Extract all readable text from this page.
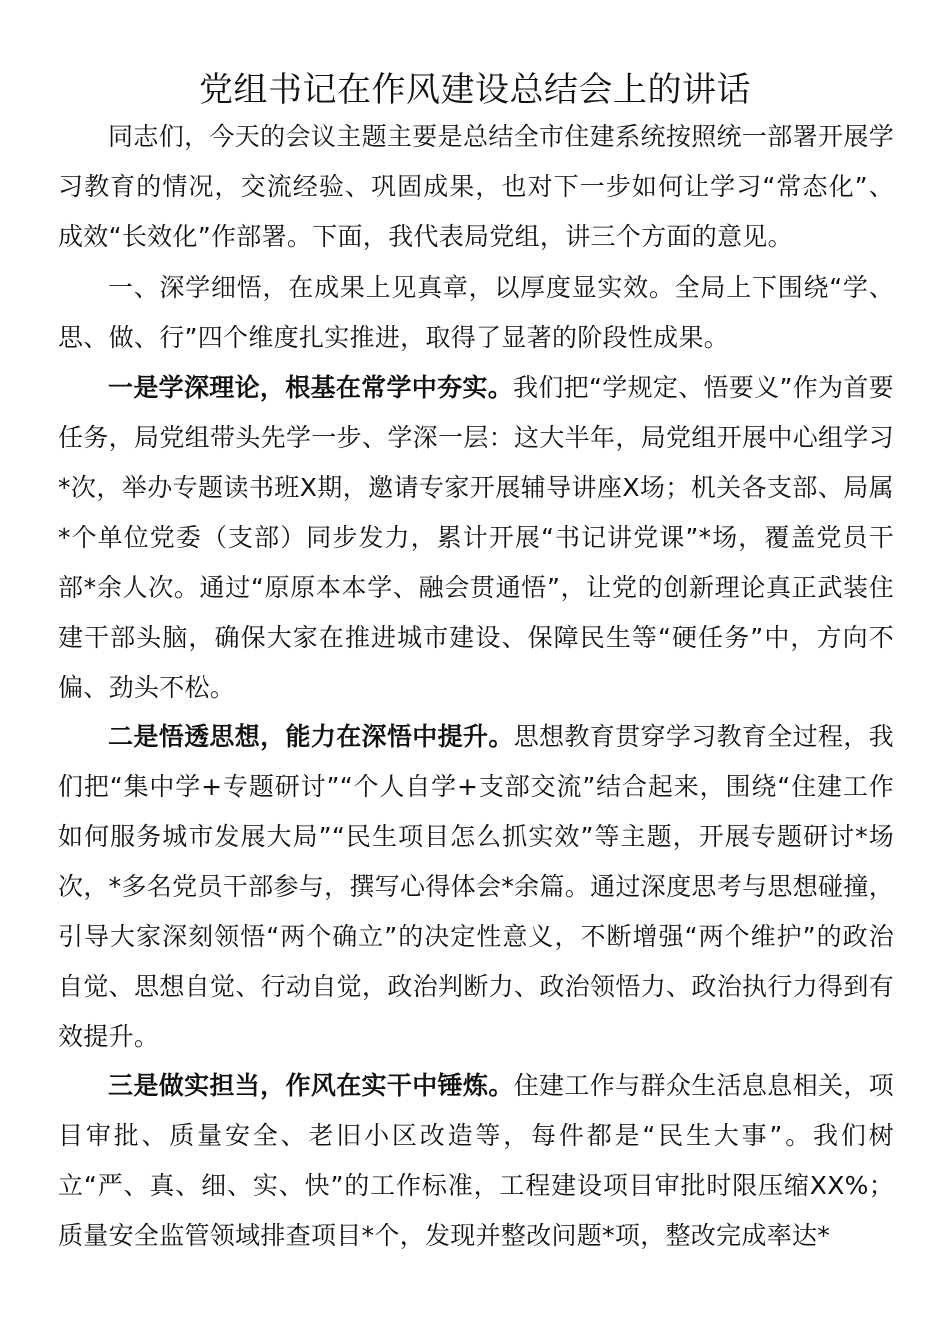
党组书记在作风建设总结会上的讲话

同志们，今天的会议主题主要是总结全市住建系统按照统一部署开展学习教育的情况，交流经验、巩固成果，也对下一步如何让学习“常态化”、成效“长效化”作部署。下面，我代表局党组，讲三个方面的意见。

一、深学细悟，在成果上见真章，以厚度显实效。全局上下围绕“学、思、做、行”四个维度扎实推进，取得了显著的阶段性成果。

一是学深理论，根基在常学中夯实。我们把“学规定、悟要义”作为首要任务，局党组带头先学一步、学深一层：这大半年，局党组开展中心组学习*次，举办专题读书班X期，邀请专家开展辅导讲座X场；机关各支部、局属*个单位党委（支部）同步发力，累计开展“书记讲党课”*场，覆盖党员干部*余人次。通过“原原本本学、融会贯通悟”，让党的创新理论真正武装住建干部头脑，确保大家在推进城市建设、保障民生等“硬任务”中，方向不偏、劲头不松。

二是悟透思想，能力在深悟中提升。思想教育贯穿学习教育全过程，我们把“集中学+专题研讨”“个人自学+支部交流”结合起来，围绕“住建工作如何服务城市发展大局”“民生项目怎么抓实效”等主题，开展专题研讨*场次，*多名党员干部参与，撰写心得体会*余篇。通过深度思考与思想碰撞，引导大家深刻领悟“两个确立”的决定性意义，不断增强“两个维护”的政治自觉、思想自觉、行动自觉，政治判断力、政治领悟力、政治执行力得到有效提升。

三是做实担当，作风在实干中锤炼。住建工作与群众生活息息相关，项目审批、质量安全、老旧小区改造等，每件都是“民生大事”。我们树立“严、真、细、实、快”的工作标准，工程建设项目审批时限压缩XX%；质量安全监管领域排查项目*个，发现并整改问题*项，整改完成率达*
